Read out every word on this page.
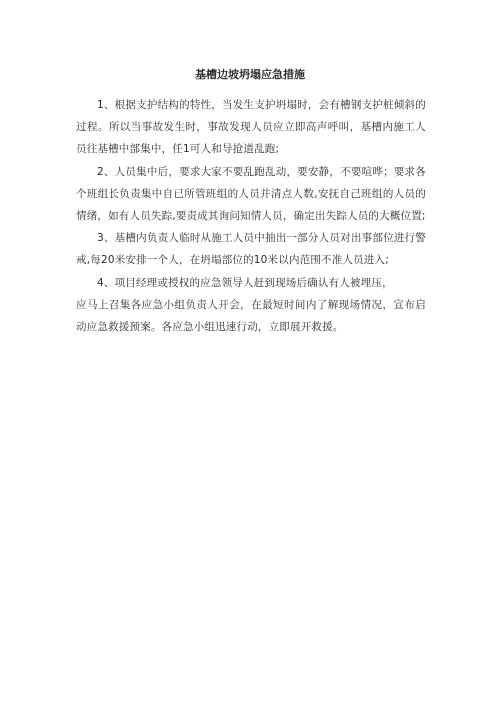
基槽边坡坍塌应急措施

1、根据支护结构的特性，当发生支护坍塌时，会有槽钢支护桩倾斜的过程。所以当事故发生时，事故发现人员应立即高声呼叫，基槽内施工人员往基槽中部集中，任1可人和导抢道乱跑;

2、人员集中后，要求大家不要乱跑乱动，要安静，不要喧哗；要求各个班组长负责集中自已所管班组的人员并清点人数,安抚自己班组的人员的情绪，如有人员失踪,要责成其询问知情人员，确定出失踪人员的大概位置;

3、基槽内负责人临时从施工人员中抽出一部分人员对出事部位进行警戒,每20米安排一个人，在坍塌部位的10米以内范围不准人员进入;

4、项目经理或授权的应急领导人赶到现场后确认有人被埋压，

应马上召集各应急小组负责人开会，在最短时间内了解现场情况，宣布启动应急救援预案。各应急小组迅速行动，立即展开救援。
